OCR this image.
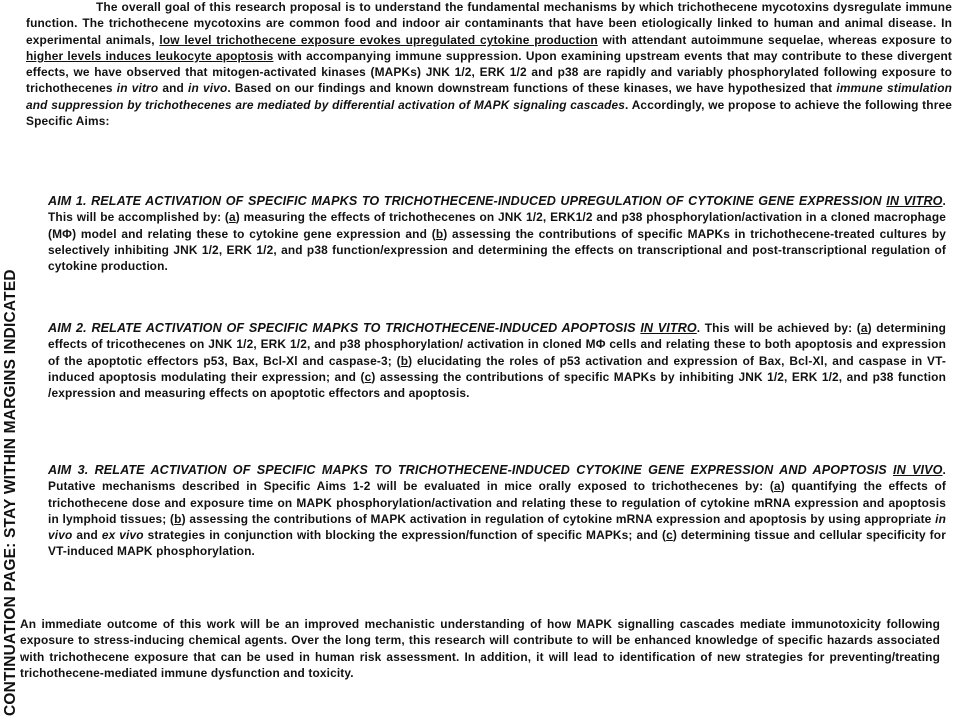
CONTINUATION PAGE: STAY WITHIN MARGINS INDICATED

The overall goal of this research proposal is to understand the fundamental mechanisms by which trichothecene mycotoxins dysregulate immune function. The trichothecene mycotoxins are common food and indoor air contaminants that have been etiologically linked to human and animal disease. In experimental animals, low level trichothecene exposure evokes upregulated cytokine production with attendant autoimmune sequelae, whereas exposure to higher levels induces leukocyte apoptosis with accompanying immune suppression. Upon examining upstream events that may contribute to these divergent effects, we have observed that mitogen-activated kinases (MAPKs) JNK 1/2, ERK 1/2 and p38 are rapidly and variably phosphorylated following exposure to trichothecenes in vitro and in vivo. Based on our findings and known downstream functions of these kinases, we have hypothesized that immune stimulation and suppression by trichothecenes are mediated by differential activation of MAPK signaling cascades. Accordingly, we propose to achieve the following three Specific Aims:

AIM 1. RELATE ACTIVATION OF SPECIFIC MAPKS TO TRICHOTHECENE-INDUCED UPREGULATION OF CYTOKINE GENE EXPRESSION IN VITRO. This will be accomplished by: (a) measuring the effects of trichothecenes on JNK 1/2, ERK1/2 and p38 phosphorylation/activation in a cloned macrophage (MΦ) model and relating these to cytokine gene expression and (b) assessing the contributions of specific MAPKs in trichothecene-treated cultures by selectively inhibiting JNK 1/2, ERK 1/2, and p38 function/expression and determining the effects on transcriptional and post-transcriptional regulation of cytokine production.

AIM 2. RELATE ACTIVATION OF SPECIFIC MAPKS TO TRICHOTHECENE-INDUCED APOPTOSIS IN VITRO. This will be achieved by: (a) determining effects of tricothecenes on JNK 1/2, ERK 1/2, and p38 phosphorylation/ activation in cloned MΦ cells and relating these to both apoptosis and expression of the apoptotic effectors p53, Bax, Bcl-Xl and caspase-3; (b) elucidating the roles of p53 activation and expression of Bax, Bcl-Xl, and caspase in VT-induced apoptosis modulating their expression; and (c) assessing the contributions of specific MAPKs by inhibiting JNK 1/2, ERK 1/2, and p38 function /expression and measuring effects on apoptotic effectors and apoptosis.

AIM 3. RELATE ACTIVATION OF SPECIFIC MAPKS TO TRICHOTHECENE-INDUCED CYTOKINE GENE EXPRESSION AND APOPTOSIS IN VIVO. Putative mechanisms described in Specific Aims 1-2 will be evaluated in mice orally exposed to trichothecenes by: (a) quantifying the effects of trichothecene dose and exposure time on MAPK phosphorylation/activation and relating these to regulation of cytokine mRNA expression and apoptosis in lymphoid tissues; (b) assessing the contributions of MAPK activation in regulation of cytokine mRNA expression and apoptosis by using appropriate in vivo and ex vivo strategies in conjunction with blocking the expression/function of specific MAPKs; and (c) determining tissue and cellular specificity for VT-induced MAPK phosphorylation.

An immediate outcome of this work will be an improved mechanistic understanding of how MAPK signalling cascades mediate immunotoxicity following exposure to stress-inducing chemical agents. Over the long term, this research will contribute to will be enhanced knowledge of specific hazards associated with trichothecene exposure that can be used in human risk assessment. In addition, it will lead to identification of new strategies for preventing/treating trichothecene-mediated immune dysfunction and toxicity.
